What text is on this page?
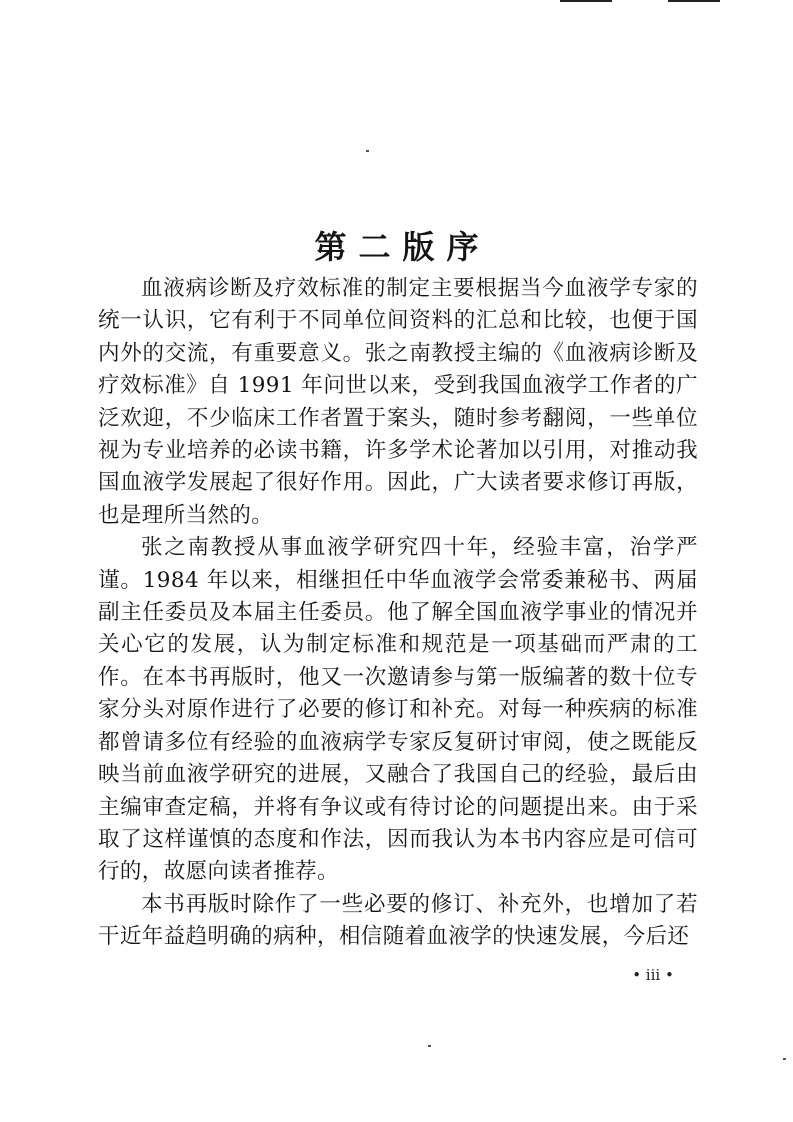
第二版序

血液病诊断及疗效标准的制定主要根据当今血液学专家的统一认识，它有利于不同单位间资料的汇总和比较，也便于国内外的交流，有重要意义。张之南教授主编的《血液病诊断及疗效标准》自 1991 年问世以来，受到我国血液学工作者的广泛欢迎，不少临床工作者置于案头，随时参考翻阅，一些单位视为专业培养的必读书籍，许多学术论著加以引用，对推动我国血液学发展起了很好作用。因此，广大读者要求修订再版，也是理所当然的。

张之南教授从事血液学研究四十年，经验丰富，治学严谨。1984 年以来，相继担任中华血液学会常委兼秘书、两届副主任委员及本届主任委员。他了解全国血液学事业的情况并关心它的发展，认为制定标准和规范是一项基础而严肃的工作。在本书再版时，他又一次邀请参与第一版编著的数十位专家分头对原作进行了必要的修订和补充。对每一种疾病的标准都曾请多位有经验的血液病学专家反复研讨审阅，使之既能反映当前血液学研究的进展，又融合了我国自己的经验，最后由主编审查定稿，并将有争议或有待讨论的问题提出来。由于采取了这样谨慎的态度和作法，因而我认为本书内容应是可信可行的，故愿向读者推荐。

本书再版时除作了一些必要的修订、补充外，也增加了若干近年益趋明确的病种，相信随着血液学的快速发展，今后还

• iii •
